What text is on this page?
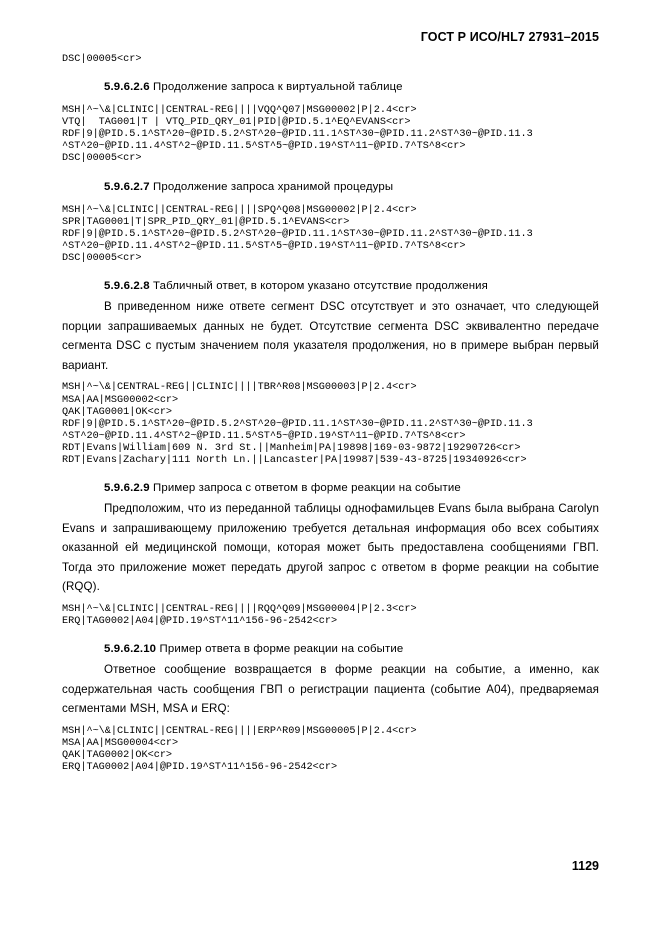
ГОСТ Р ИСО/HL7 27931–2015
DSC|00005<cr>

5.9.6.2.6 Продолжение запроса к виртуальной таблице

MSH|^~\&|CLINIC||CENTRAL-REG||||VQQ^Q07|MSG00002|P|2.4<cr>
VTQ|  TAG001|T | VTQ_PID_QRY_01|PID|@PID.5.1^EQ^EVANS<cr>
RDF|9|@PID.5.1^ST^20~@PID.5.2^ST^20~@PID.11.1^ST^30~@PID.11.2^ST^30~@PID.11.3
^ST^20~@PID.11.4^ST^2~@PID.11.5^ST^5~@PID.19^ST^11~@PID.7^TS^8<cr>
DSC|00005<cr>

5.9.6.2.7 Продолжение запроса хранимой процедуры

MSH|^~\&|CLINIC||CENTRAL-REG||||SPQ^Q08|MSG00002|P|2.4<cr>
SPR|TAG0001|T|SPR_PID_QRY_01|@PID.5.1^EVANS<cr>
RDF|9|@PID.5.1^ST^20~@PID.5.2^ST^20~@PID.11.1^ST^30~@PID.11.2^ST^30~@PID.11.3
^ST^20~@PID.11.4^ST^2~@PID.11.5^ST^5~@PID.19^ST^11~@PID.7^TS^8<cr>
DSC|00005<cr>

5.9.6.2.8 Табличный ответ, в котором указано отсутствие продолжения

В приведенном ниже ответе сегмент DSC отсутствует и это означает, что следующей порции запрашиваемых данных не будет. Отсутствие сегмента DSC эквивалентно передаче сегмента DSC с пустым значением поля указателя продолжения, но в примере выбран первый вариант.

MSH|^~\&|CENTRAL-REG||CLINIC||||TBR^R08|MSG00003|P|2.4<cr>
MSA|AA|MSG00002<cr>
QAK|TAG0001|OK<cr>
RDF|9|@PID.5.1^ST^20~@PID.5.2^ST^20~@PID.11.1^ST^30~@PID.11.2^ST^30~@PID.11.3
^ST^20~@PID.11.4^ST^2~@PID.11.5^ST^5~@PID.19^ST^11~@PID.7^TS^8<cr>
RDT|Evans|William|609 N. 3rd St.||Manheim|PA|19898|169-03-9872|19290726<cr>
RDT|Evans|Zachary|111 North Ln.||Lancaster|PA|19987|539-43-8725|19340926<cr>

5.9.6.2.9 Пример запроса с ответом в форме реакции на событие

Предположим, что из переданной таблицы однофамильцев Evans была выбрана Carolyn Evans и запрашивающему приложению требуется детальная информация обо всех событиях оказанной ей медицинской помощи, которая может быть предоставлена сообщениями ГВП. Тогда это приложение может передать другой запрос с ответом в форме реакции на событие (RQQ).

MSH|^~\&|CLINIC||CENTRAL-REG||||RQQ^Q09|MSG00004|P|2.3<cr>
ERQ|TAG0002|A04|@PID.19^ST^11^156-96-2542<cr>

5.9.6.2.10 Пример ответа в форме реакции на событие

Ответное сообщение возвращается в форме реакции на событие, а именно, как содержательная часть сообщения ГВП о регистрации пациента (событие A04), предваряемая сегментами MSH, MSA и ERQ:

MSH|^~\&|CLINIC||CENTRAL-REG||||ERP^R09|MSG00005|P|2.4<cr>
MSA|AA|MSG00004<cr>
QAK|TAG0002|OK<cr>
ERQ|TAG0002|A04|@PID.19^ST^11^156-96-2542<cr>
1129
